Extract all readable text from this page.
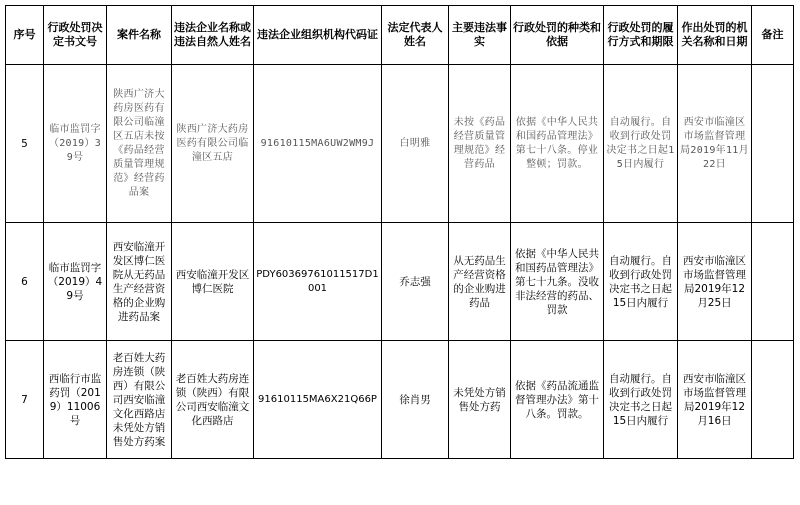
序号	行政处罚决定书文号	案件名称	违法企业名称或违法自然人姓名	违法企业组织机构代码证	法定代表人姓名	主要违法事实	行政处罚的种类和依据	行政处罚的履行方式和期限	作出处罚的机关名称和日期	备注
5	临市监罚字（2019）39号	陕西广济大药房医药有限公司临潼区五店未按《药品经营质量管理规范》经营药品案	陕西广济大药房医药有限公司临潼区五店	91610115MA6UW2WM9J	白明雅	未按《药品经营质量管理规范》经营药品	依据《中华人民共和国药品管理法》第七十八条。停业整顿；罚款。	自动履行。自收到行政处罚决定书之日起15日内履行	西安市临潼区市场监督管理局2019年11月22日	
6	临市监罚字（2019）49号	西安临潼开发区博仁医院从无药品生产经营资格的企业购进药品案	西安临潼开发区博仁医院	PDY60369761011517D1001	乔志强	从无药品生产经营资格的企业购进药品	依据《中华人民共和国药品管理法》第七十九条。没收非法经营的药品、罚款	自动履行。自收到行政处罚决定书之日起15日内履行	西安市临潼区市场监督管理局2019年12月25日	
7	西临行市监药罚（2019）11006号	老百姓大药房连锁（陕西）有限公司西安临潼文化西路店未凭处方销售处方药案	老百姓大药房连锁（陕西）有限公司西安临潼文化西路店	91610115MA6X21Q66P	徐肖男	未凭处方销售处方药	依据《药品流通监督管理办法》第十八条。罚款。	自动履行。自收到行政处罚决定书之日起15日内履行	西安市临潼区市场监督管理局2019年12月16日	
